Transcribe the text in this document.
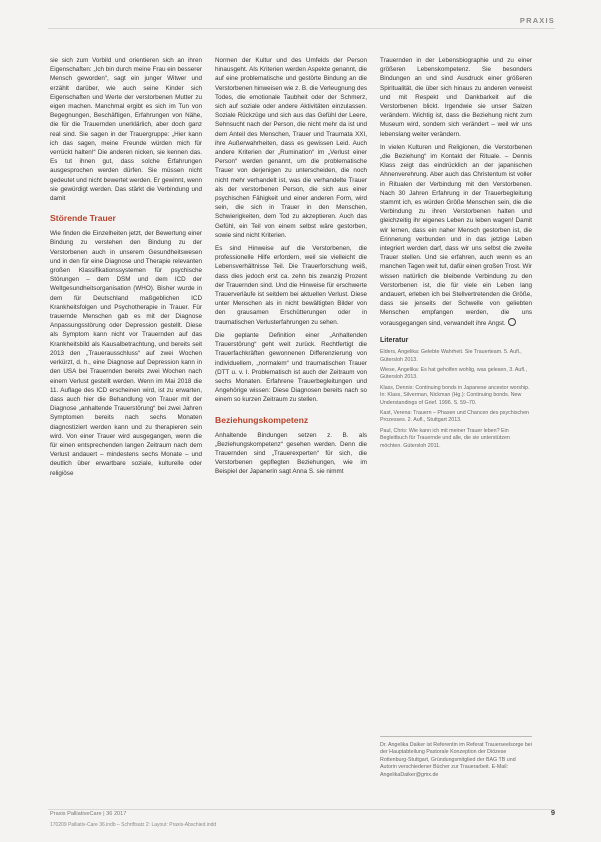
PRAXIS

sie sich zum Vorbild und orientieren sich an ihren Eigenschaften: „Ich bin durch meine Frau ein besserer Mensch geworden“, sagt ein junger Witwer und erzählt darüber, wie auch seine Kinder sich Eigenschaften und Werte der verstorbenen Mutter zu eigen machen. Manchmal ergibt es sich im Tun von Begegnungen, Beschäftigen, Erfahrungen von Nähe, die für die Trauernden unerklärlich, aber doch ganz real sind. Sie sagen in der Trauergruppe: „Hier kann ich das sagen, meine Freunde würden mich für verrückt halten!“ Die anderen nicken, sie kennen das. Es tut ihnen gut, dass solche Erfahrungen ausgesprochen werden dürfen. Sie müssen nicht gedeutet und nicht bewertet werden. Er gewinnt, wenn sie gewürdigt werden. Das stärkt die Verbindung und damit

Störende Trauer

Wie finden die Einzelheiten jetzt, der Bewertung einer Bindung zu verstehen den Bindung zu der Verstorbenen auch in unserem Gesundheitswesen und in den für eine Diagnose und Therapie relevanten großen Klassifikationssystemen für psychische Störungen – dem DSM und dem ICD der Weltgesundheitsorganisation (WHO). Bisher wurde in dem für Deutschland maßgeblichen ICD Krankheitsfolgen und Psychotherapie in Trauer. Für trauernde Menschen gab es mit der Diagnose Anpassungsstörung oder Depression gestellt. Diese als Symptom kann nicht vor Trauernden auf das Krankheitsbild als Kausalbetrachtung, und bereits seit 2013 den „Trauerausschluss“ auf zwei Wochen verkürzt, d. h., eine Diagnose auf Depression kann in den USA bei Trauernden bereits zwei Wochen nach einem Verlust gestellt werden. Wenn im Mai 2018 die 11. Auflage des ICD erscheinen wird, ist zu erwarten, dass auch hier die Behandlung von Trauer mit der Diagnose „anhaltende Trauerstörung“ bei zwei Jahren Symptomen bereits nach sechs Monaten diagnostiziert werden kann und zu therapieren sein wird. Von einer Trauer wird ausgegangen, wenn die für einen entsprechenden langen Zeitraum nach dem Verlust andauert – mindestens sechs Monate – und deutlich über erwartbare soziale, kulturelle oder religiöse

Normen der Kultur und des Umfelds der Person hinausgeht. Als Kriterien werden Aspekte genannt, die auf eine problematische und gestörte Bindung an die Verstorbenen hinweisen wie z. B. die Verleugnung des Todes, die emotionale Taubheit oder der Schmerz, sich auf soziale oder andere Aktivitäten einzulassen. Soziale Rückzüge und sich aus das Gefühl der Leere, Sehnsucht nach der Person, die nicht mehr da ist und dem Anteil des Menschen, Trauer und Traumata XXI, ihre Außerwahrheiten, dass es gewissen Leid. Auch andere Kriterien der „Rumination“ im „Verlust einer Person“ werden genannt, um die problematische Trauer von derjenigen zu unterscheiden, die noch nicht mehr verhandelt ist, was die verhandelte Trauer als der verstorbenen Person, die sich aus einer psychischen Fähigkeit und einer anderen Form, wird sein, die sich in Trauer in den Menschen, Schwierigkeiten, dem Tod zu akzeptieren. Auch das Gefühl, ein Teil von einem selbst wäre gestorben, sowie sind nicht Kriterien.

Es sind Hinweise auf die Verstorbenen, die professionelle Hilfe erfordern, weil sie vielleicht die Lebensverhältnisse Teil. Die Trauerforschung weiß, dass dies jedoch erst ca. zehn bis zwanzig Prozent der Trauernden sind. Und die Hinweise für erschwerte Trauerverläufe ist seitdem bei aktuellen Verlust. Diese unter Menschen als in nicht bewältigten Bilder von den grausamen Erschütterungen oder in traumatischen Verlusterfahrungen zu sehen.

Die geplante Definition einer „Anhaltenden Trauerstörung“ geht weit zurück. Rechtfertigt die Trauerfachkräften gewonnenen Differenzierung von individuellem, „normalem“ und traumatischen Trauer (DTT u. v. I. Problematisch ist auch der Zeitraum von sechs Monaten. Erfahrene Trauerbegleitungen und Angehörige wissen: Diese Diagnosen bereits nach so einem so kurzen Zeitraum zu stellen.

Beziehungskompetenz

Anhaltende Bindungen setzen z. B. als „Beziehungskompetenz“ gesehen werden. Denn die Trauernden sind „Trauerexperten“ für sich, die Verstorbenen gepflegten Beziehungen, wie im Beispiel der Japanerin sagt Anna S. sie nimmt

Trauernden in der Lebensbiographie und zu einer größeren Lebenskompetenz. Sie besonders Bindungen an und sind Ausdruck einer größeren Spiritualität, die über sich hinaus zu anderen verweist und mit Respekt und Dankbarkeit auf die Verstorbenen blickt. Irgendwie sie unser Salzen verändern. Wichtig ist, dass die Beziehung nicht zum Museum wird, sondern sich verändert – weil wir uns lebenslang weiter verändern.

In vielen Kulturen und Religionen, die Verstorbenen „die Beziehung“ im Kontakt der Rituale. – Dennis Klass zeigt das eindrücklich an der japanischen Ahnenverehrung. Aber auch das Christentum ist voller in Ritualen der Verbindung mit den Verstorbenen. Nach 30 Jahren Erfahrung in der Trauerbegleitung stammt ich, es würden Größe Menschen sein, die die Verbindung zu ihren Verstorbenen halten und gleichzeitig ihr eigenes Leben zu leben wagen! Damit wir lernen, dass ein naher Mensch gestorben ist, die Erinnerung verbunden und in das jetzige Leben integriert werden darf, dass wir uns selbst die zweite Trauer stellen. Und sie erfahren, auch wenn es an manchen Tagen weit tut, dafür einen großen Trost. Wir wissen natürlich die bleibende Verbindung zu den Verstorbenen ist, die für viele ein Leben lang andauert, erleben ich bei Stellvertretenden die Größe, dass sie jenseits der Schwelle von geliebten Menschen empfangen werden, die uns vorausgegangen sind, verwandelt ihre Angst.

Literatur
Elders, Angelika: Gelebte Wahrheit. Sie Trauerteam. 5. Aufl., Gütersloh 2013.
Wiese, Angelika: Es hat geholfen wohlig, was gelesen, 3. Aufl., Gütersloh 2013.
Klass, Dennis: Continuing bonds in Japanese ancestor worship. In: Klass, Silverman, Nickman (Hg.): Continuing bonds. New Understandings of Grief. 1996. S. 59–70.
Kast, Verena: Trauern – Phasen und Chancen des psychischen Prozesses. 2. Aufl., Stuttgart 2013.
Paul, Chris: Wie kann ich mit meiner Trauer leben? Ein Begleitbuch für Trauernde und alle, die sie unterstützen möchten. Gütersloh 2011.
Dr. Angelika Daiker ist Referentin im Referat Trauerseelsorge bei der Hauptabteilung Pastorale Konzeption der Diözese Rottenburg-Stuttgart, Gründungsmitglied der BAG TB und Autorin verschiedener Bücher zur Trauerarbeit. E-Mail: AngelikaDaiker@gmx.de
Praxis PalliativeCare | 36 2017	9
170209 Palliativ-Care 36.indb – Schriftsatz 2: Layout: Praxis-Abschied.indd
